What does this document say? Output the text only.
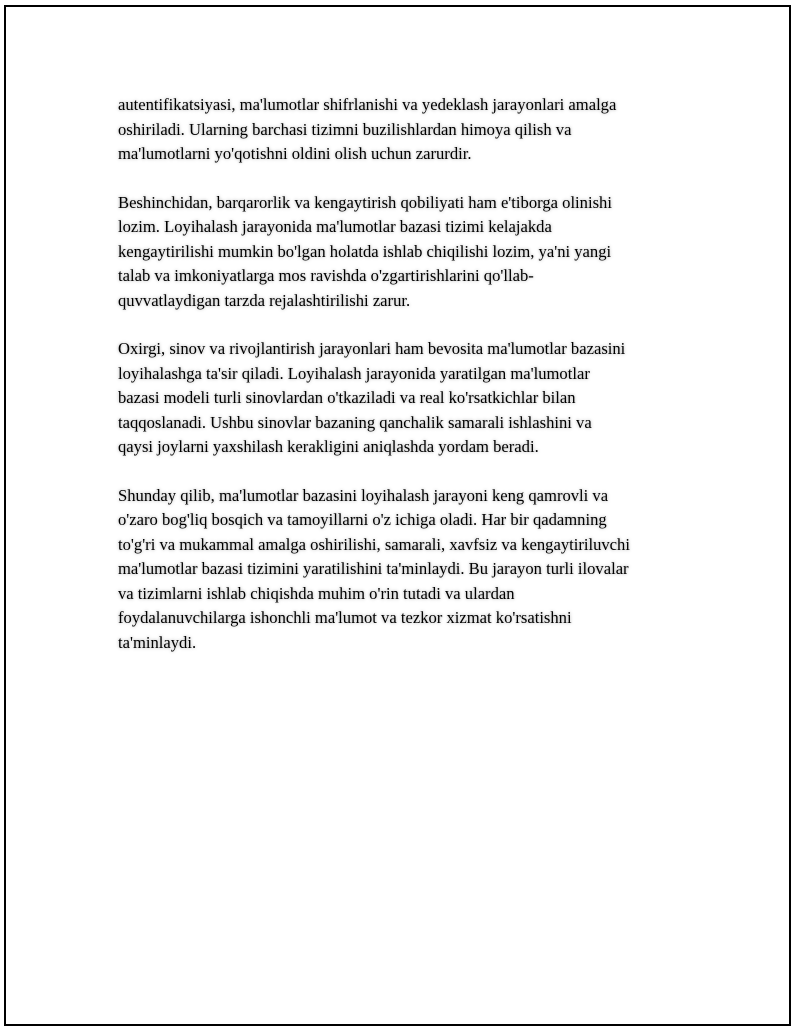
autentifikatsiyasi, ma'lumotlar shifrlanishi va yedeklash jarayonlari amalga
oshiriladi. Ularning barchasi tizimni buzilishlardan himoya qilish va
ma'lumotlarni yo'qotishni oldini olish uchun zarurdir.

Beshinchidan, barqarorlik va kengaytirish qobiliyati ham e'tiborga olinishi
lozim. Loyihalash jarayonida ma'lumotlar bazasi tizimi kelajakda
kengaytirilishi mumkin bo'lgan holatda ishlab chiqilishi lozim, ya'ni yangi
talab va imkoniyatlarga mos ravishda o'zgartirishlarini qo'llab-
quvvatlaydigan tarzda rejalashtirilishi zarur.

Oxirgi, sinov va rivojlantirish jarayonlari ham bevosita ma'lumotlar bazasini
loyihalashga ta'sir qiladi. Loyihalash jarayonida yaratilgan ma'lumotlar
bazasi modeli turli sinovlardan o'tkaziladi va real ko'rsatkichlar bilan
taqqoslanadi. Ushbu sinovlar bazaning qanchalik samarali ishlashini va
qaysi joylarni yaxshilash kerakligini aniqlashda yordam beradi.

Shunday qilib, ma'lumotlar bazasini loyihalash jarayoni keng qamrovli va
o'zaro bog'liq bosqich va tamoyillarni o'z ichiga oladi. Har bir qadamning
to'g'ri va mukammal amalga oshirilishi, samarali, xavfsiz va kengaytiriluvchi
ma'lumotlar bazasi tizimini yaratilishini ta'minlaydi. Bu jarayon turli ilovalar
va tizimlarni ishlab chiqishda muhim o'rin tutadi va ulardan
foydalanuvchilarga ishonchli ma'lumot va tezkor xizmat ko'rsatishni
ta'minlaydi.
